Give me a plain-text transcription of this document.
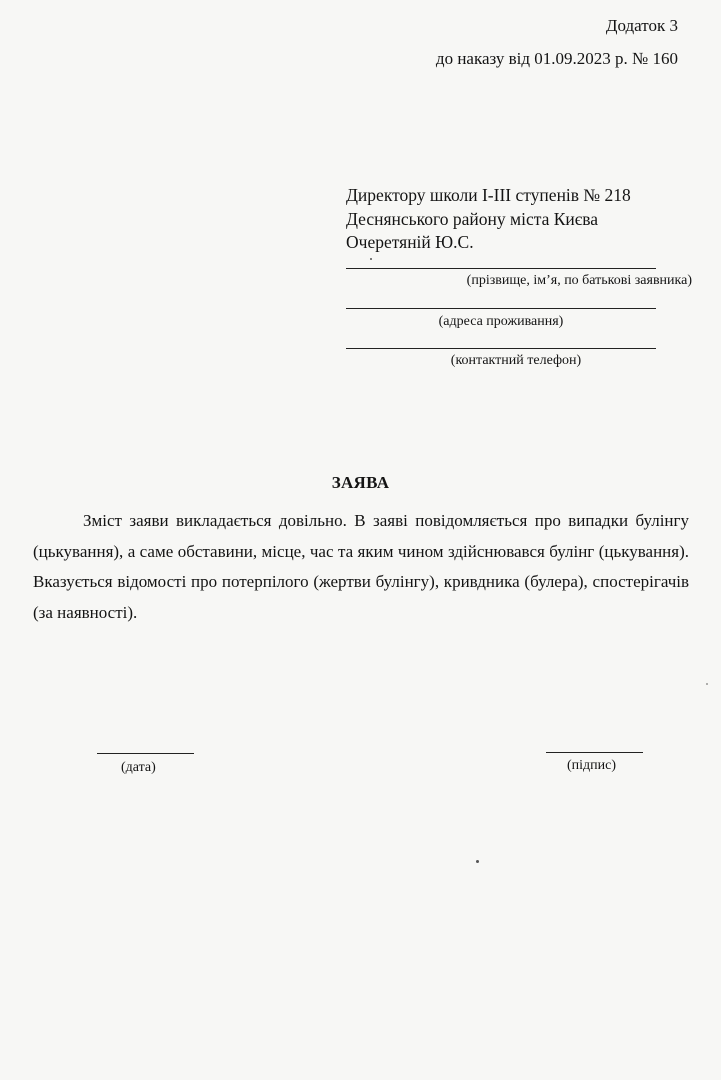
Додаток 3
до наказу від 01.09.2023 р. № 160
Директору школи І-ІІІ ступенів № 218
Деснянського району міста Києва
Очеретяній Ю.С.
(прізвище, ім’я, по батькові заявника)
(адреса проживання)
(контактний телефон)
ЗАЯВА
Зміст заяви викладається довільно. В заяві повідомляється про випадки булінгу (цькування), а саме обставини, місце, час та яким чином здійснювався булінг (цькування). Вказується відомості про потерпілого (жертви булінгу), кривдника (булера), спостерігачів (за наявності).
(дата)	(підпис)
